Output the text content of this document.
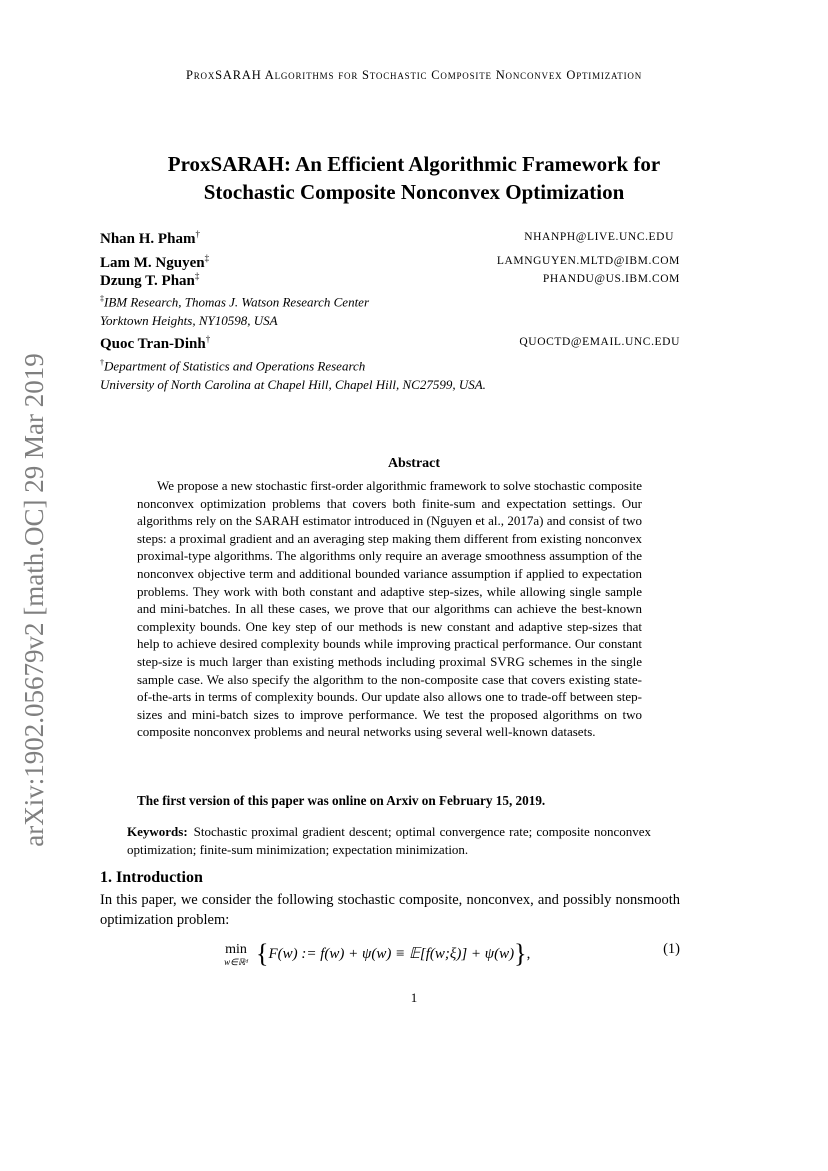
ProxSARAH Algorithms for Stochastic Composite Nonconvex Optimization
ProxSARAH: An Efficient Algorithmic Framework for
Stochastic Composite Nonconvex Optimization
Nhan H. Pham†	NHANPH@LIVE.UNC.EDU
Lam M. Nguyen‡	LAMNGUYEN.MLTD@IBM.COM
Dzung T. Phan‡	PHANDU@US.IBM.COM
‡IBM Research, Thomas J. Watson Research Center
Yorktown Heights, NY10598, USA
Quoc Tran-Dinh†	QUOCTD@EMAIL.UNC.EDU
†Department of Statistics and Operations Research
University of North Carolina at Chapel Hill, Chapel Hill, NC27599, USA.
arXiv:1902.05679v2 [math.OC] 29 Mar 2019	Abstract

We propose a new stochastic first-order algorithmic framework to solve stochastic composite nonconvex optimization problems that covers both finite-sum and expectation settings. Our algorithms rely on the SARAH estimator introduced in (Nguyen et al., 2017a) and consist of two steps: a proximal gradient and an averaging step making them different from existing nonconvex proximal-type algorithms. The algorithms only require an average smoothness assumption of the nonconvex objective term and additional bounded variance assumption if applied to expectation problems. They work with both constant and adaptive step-sizes, while allowing single sample and mini-batches. In all these cases, we prove that our algorithms can achieve the best-known complexity bounds. One key step of our methods is new constant and adaptive step-sizes that help to achieve desired complexity bounds while improving practical performance. Our constant step-size is much larger than existing methods including proximal SVRG schemes in the single sample case. We also specify the algorithm to the non-composite case that covers existing state-of-the-arts in terms of complexity bounds. Our update also allows one to trade-off between step-sizes and mini-batch sizes to improve performance. We test the proposed algorithms on two composite nonconvex problems and neural networks using several well-known datasets.

The first version of this paper was online on Arxiv on February 15, 2019.
Keywords: Stochastic proximal gradient descent; optimal convergence rate; composite nonconvex optimization; finite-sum minimization; expectation minimization.
1. Introduction

In this paper, we consider the following stochastic composite, nonconvex, and possibly nonsmooth optimization problem:

min
w∈ℝᵈ {F(w) := f(w) + ψ(w) ≡ 𝔼[f(w;ξ)] + ψ(w)},	(1)
1
